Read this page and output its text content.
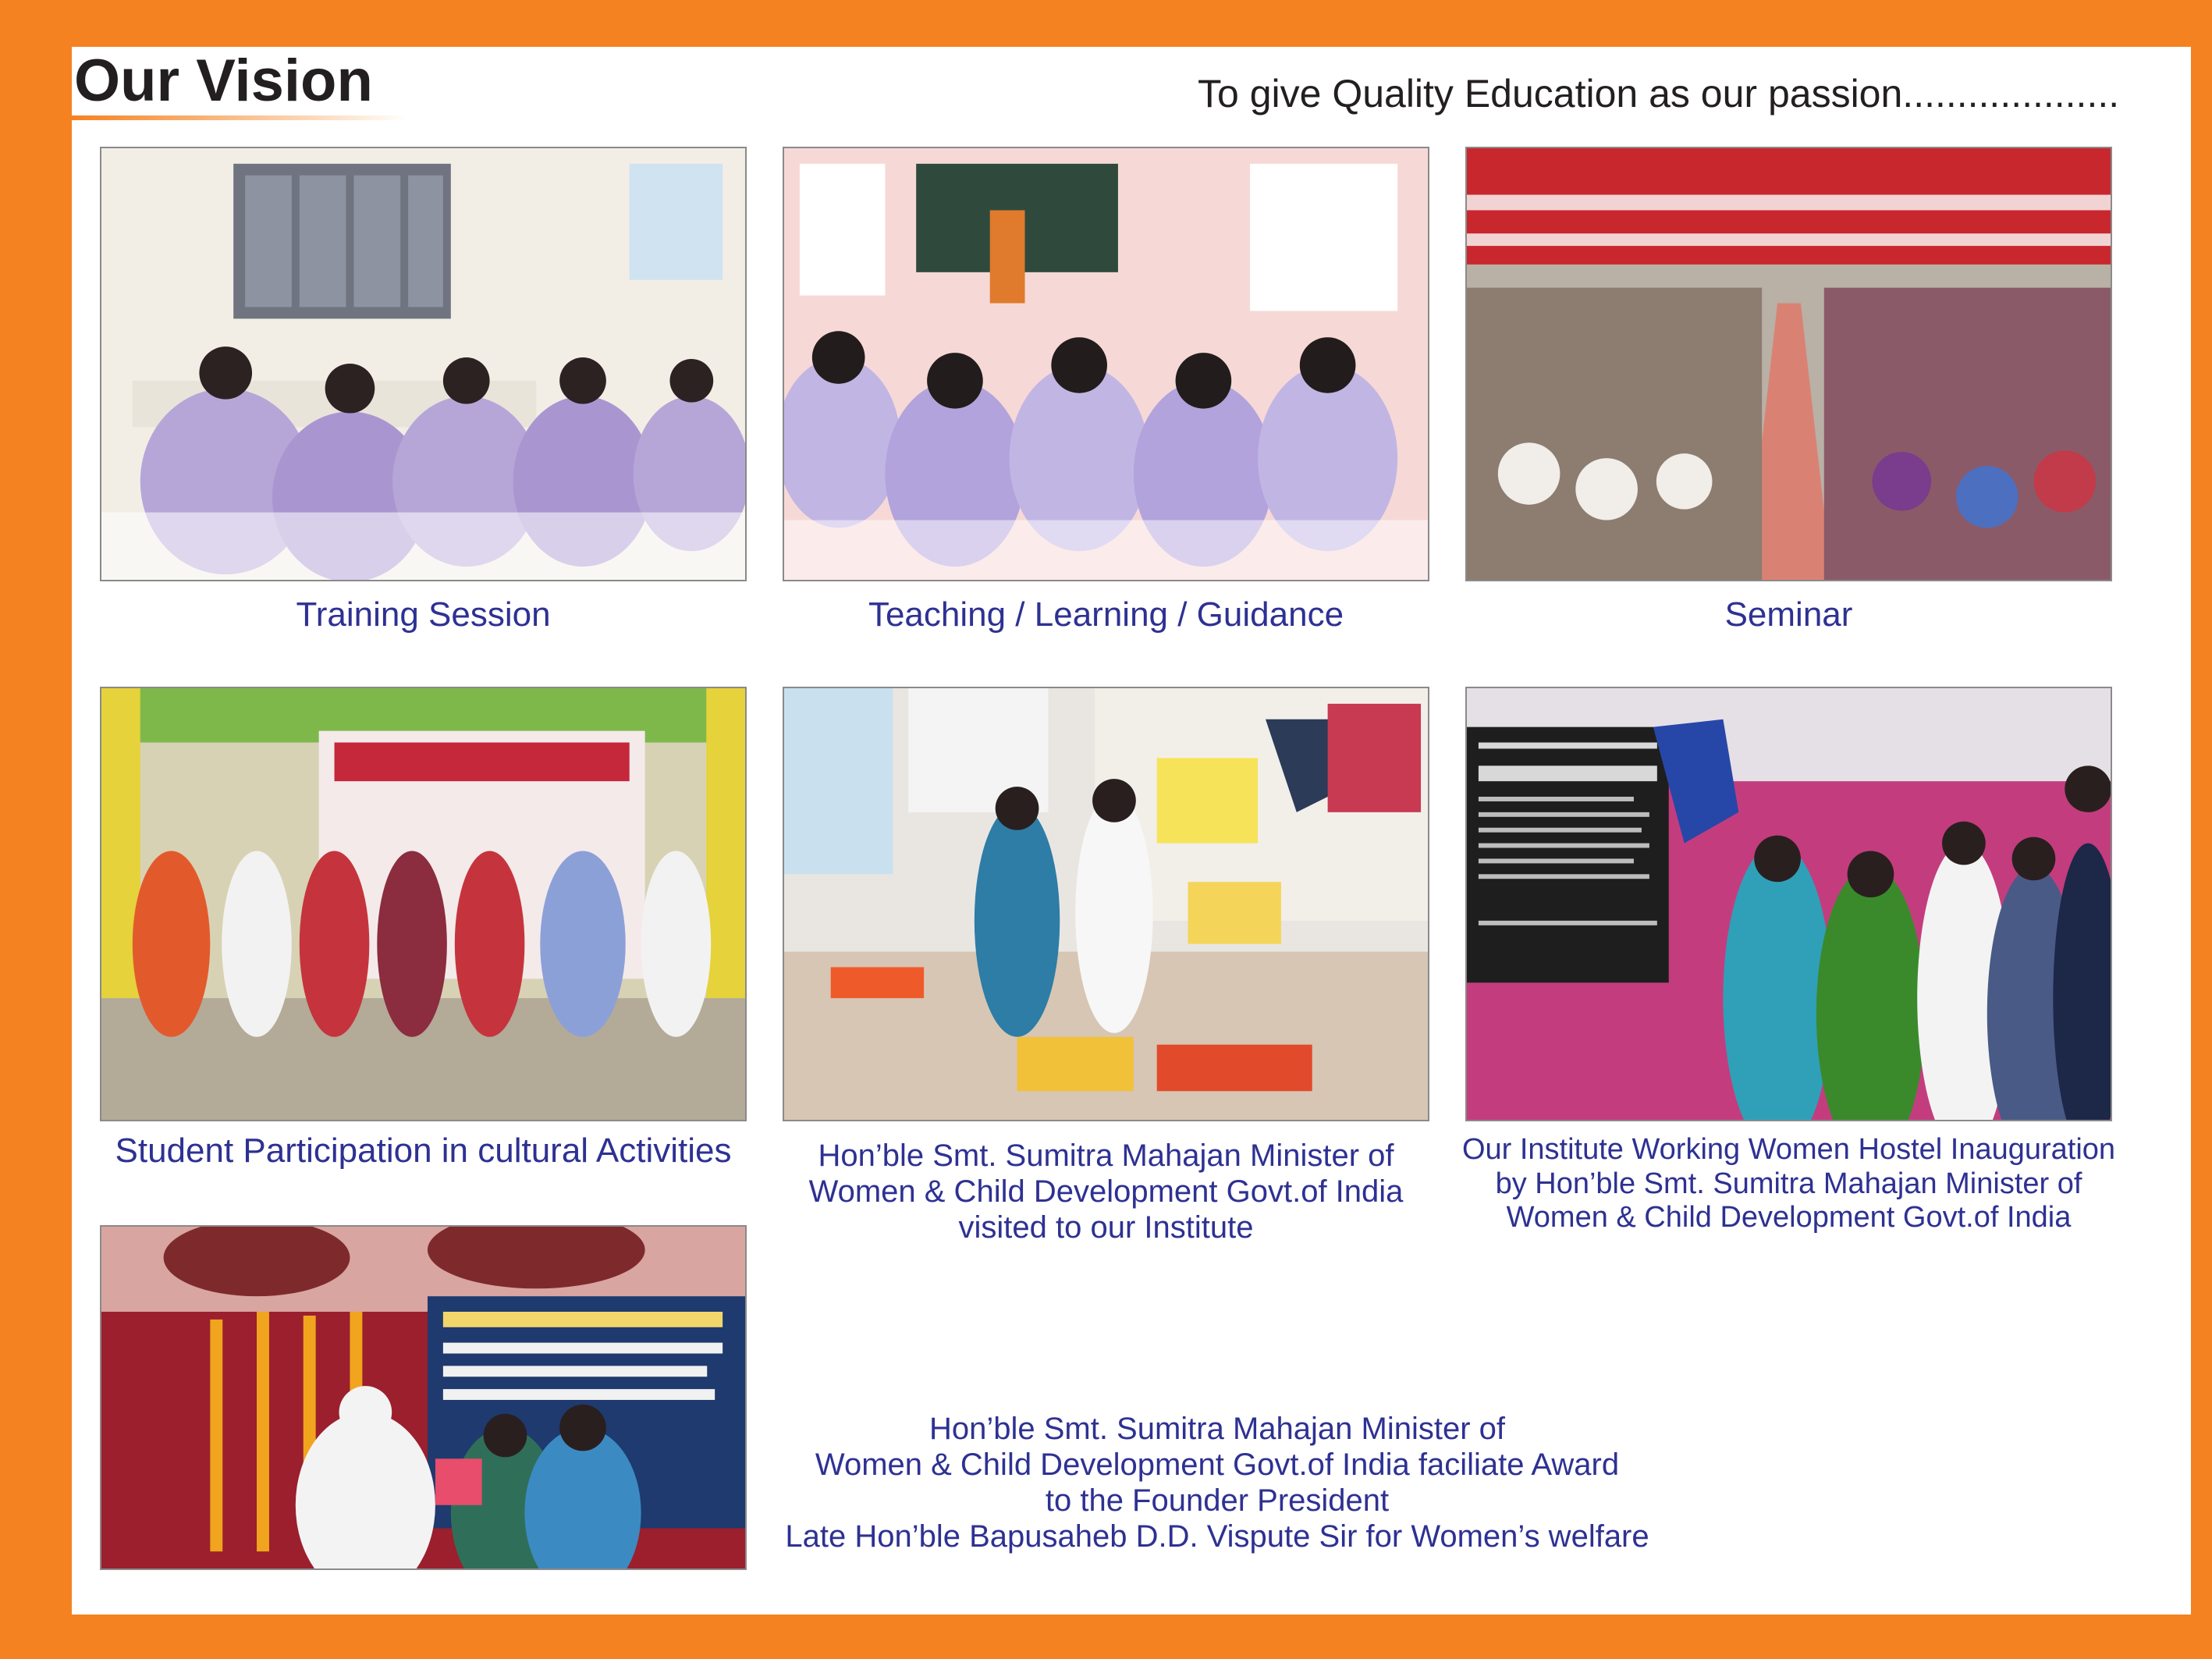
Our Vision	To give Quality Education as our passion....................
Training Session	Teaching / Learning / Guidance	Seminar
Student Participation in cultural Activities	Hon’ble Smt. Sumitra Mahajan Minister of
Women & Child Development Govt.of India
visited to our Institute
Our Institute Working Women Hostel Inauguration
by Hon’ble Smt. Sumitra Mahajan Minister of
Women & Child Development Govt.of India
Hon’ble Smt. Sumitra Mahajan Minister of
Women & Child Development Govt.of India faciliate Award
to the Founder President
Late Hon’ble Bapusaheb D.D. Vispute Sir for Women’s welfare
